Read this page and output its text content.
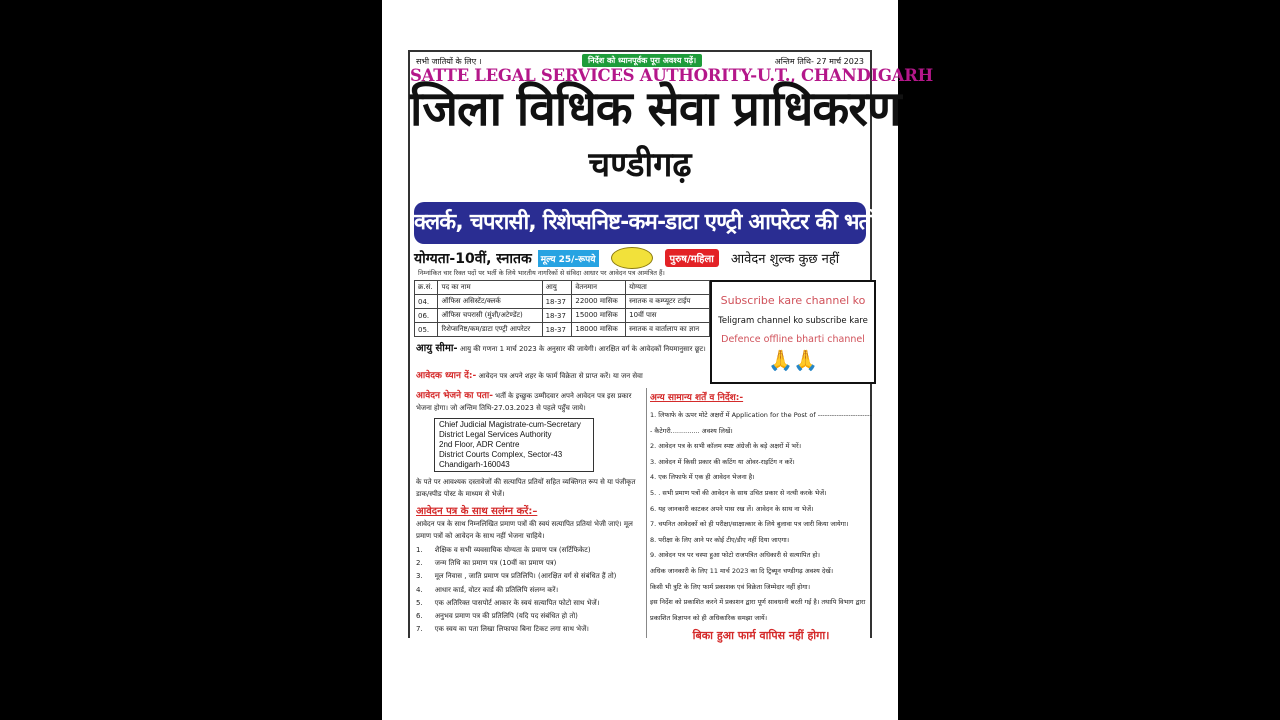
सभी जातियों के लिए ।	निर्देश को ध्यानपूर्वक पूरा अवश्य पढ़ें।	अन्तिम तिथि- 27 मार्च 2023
SATTE LEGAL SERVICES AUTHORITY-U.T., CHANDIGARH
जिला विधिक सेवा प्राधिकरण
चण्डीगढ़
क्लर्क, चपरासी, रिशेप्सनिष्ट-कम-डाटा एण्ट्री आपरेटर की भर्ती
योग्यता-10वीं, स्नातक	मूल्य 25/-रूपये	पुरुष/महिला	आवेदन शुल्क कुछ नहीं
निम्नांकित चार रिक्त पदों पर भर्ती के लिये भारतीय नागरिकों से संविदा आधार पर आवेदन पत्र आमंत्रित हैं।
क्र.सं.	पद का नाम	आयु	वेतनमान	योग्यता
04.	ऑफिस असिस्टेंट/क्लर्क	18-37	22000 मासिक	स्नातक व कम्प्यूटर टाईप
06.	ऑफिस चपरासी (मुंशी/अटेण्डेंट)	18-37	15000 मासिक	10वीं पास
05.	रिशेप्सनिष्ट/कम/डाटा एण्ट्री आपरेटर	18-37	18000 मासिक	स्नातक व वार्तालाप का ज्ञान
आयु सीमा- आयु की गणना 1 मार्च 2023 के अनुसार की जायेगी। आरक्षित वर्ग के आवेदकों नियमानुसार छूट।
आवेदक ध्यान दें:- आवेदन पत्र अपने शहर के फार्म विक्रेता से प्राप्त करें। या जन सेवा
आवेदन भेजने का पता- भर्ती के इच्छुक उम्मीदवार अपने आवेदन पत्र इस प्रकार भेजना होगा। जो अन्तिम तिथि-27.03.2023 से पहले पहुँच जाये।
Chief Judicial Magistrate-cum-Secretary
District Legal Services Authority
2nd Floor, ADR Centre
District Courts Complex, Sector-43
Chandigarh-160043
के पते पर आवश्यक दस्तावेजों की सत्यापित प्रतियों सहित व्यक्तिगत रूप से या पंजीकृत डाक/स्पीड पोस्ट के माध्यम से भेजें।
आवेदन पत्र के साथ सलंग्न करें:–
आवेदन पत्र के साथ निम्नलिखित प्रमाण पत्रों की स्वयं सत्यापित प्रतियां भेजी जाएं। मूल प्रमाण पत्रों को आवेदन के साथ नहीं भेजना चाहिये।
1. शैक्षिक व सभी व्यवसायिक योग्यता के प्रमाण पत्र (सर्टिफिकेट)
2. जन्म तिथि का प्रमाण पत्र (10वीं का प्रमाण पत्र)
3. मूल निवास , जाति प्रमाण पत्र प्रतिलिपि। (आरक्षित वर्ग से संबंधित हैं तो)
4. आधार कार्ड, वोटर कार्ड की प्रतिलिपि संलग्न करें।
5. एक अतिरिक्त पासपोर्ट आकार के स्वयं सत्यापित फोटो साथ भेजें।
6. अनुभव प्रमाण पत्र की प्रतिलिपि (यदि पद संबंधित हो तो)
7. एक स्वय का पता लिखा लिफाफा बिना टिकट लगा साथ भेजें।
अन्य सामान्य शर्तें व निर्देश:-
1. लिफाफे के ऊपर मोटे अक्षरों में Application for the Post of ------------------------ कैटेगरी.............. अवश्य लिखें।
2. आवेदन पत्र के सभी कॉलम स्पष्ट अंग्रेजी के बड़े अक्षरों में भरें।
3. आवेदन में किसी प्रकार की कटिंग या ओवर-राइटिंग न करें।
4. एक लिफाफे में एक ही आवेदन भेजना है।
5. . सभी प्रमाण पत्रों की आवेदन के साथ उचित प्रकार से नत्थी करके भेजें।
6. यह जानकारी काटकर अपने पास रख लें। आवेदन के साथ ना भेजें।
7. चयनित आवेदकों को ही परीक्षा/साक्षात्कार के लिये बुलावा पत्र जारी किया जायेगा।
8. परीक्षा के लिए आने पर कोई टीए/डीए नहीं दिया जाएगा।
9. आवेदन पत्र पर चस्पा हुआ फोटो राजपत्रित अधिकारी से सत्यापित हो।
अधिक जानकारी के लिए 11 मार्च 2023 का दि ट्रिब्यून चण्डीगढ़ अवश्य देखें।
किसी भी त्रुटि के लिए फार्म प्रकाशक एवं विक्रेता जिम्मेदार नहीं होगा।
इस निर्देश को प्रकाशित करने में प्रकाशन द्वारा पूर्ण सावधानी बरती गई है। तथापि विभाग द्वारा प्रकाशित विज्ञापन को ही अधिकारिक समझा जायें।
बिका हुआ फार्म वापिस नहीं होगा।
Subscribe kare channel ko
Teligram channel ko subscribe kare
Defence offline bharti channel
🙏🙏
